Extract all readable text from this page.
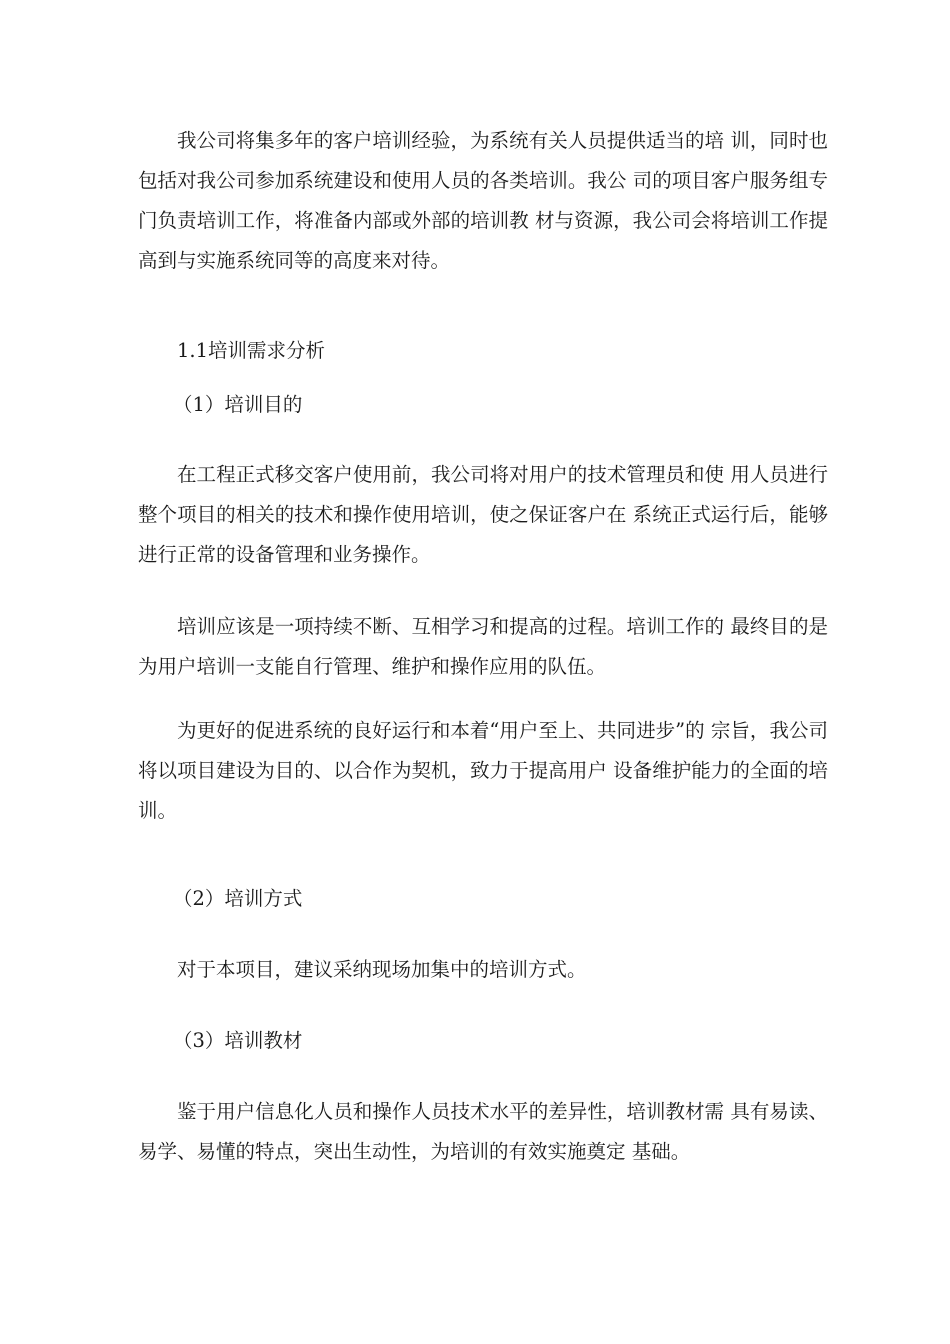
我公司将集多年的客户培训经验，为系统有关人员提供适当的培 训，同时也包括对我公司参加系统建设和使用人员的各类培训。我公 司的项目客户服务组专门负责培训工作，将准备内部或外部的培训教 材与资源，我公司会将培训工作提高到与实施系统同等的高度来对待。

1.1培训需求分析

（1）培训目的

在工程正式移交客户使用前，我公司将对用户的技术管理员和使 用人员进行整个项目的相关的技术和操作使用培训，使之保证客户在 系统正式运行后，能够进行正常的设备管理和业务操作。

培训应该是一项持续不断、互相学习和提高的过程。培训工作的 最终目的是为用户培训一支能自行管理、维护和操作应用的队伍。

为更好的促进系统的良好运行和本着“用户至上、共同进步”的 宗旨，我公司将以项目建设为目的、以合作为契机，致力于提高用户 设备维护能力的全面的培训。

（2）培训方式

对于本项目，建议采纳现场加集中的培训方式。

（3）培训教材

鉴于用户信息化人员和操作人员技术水平的差异性，培训教材需 具有易读、易学、易懂的特点，突出生动性，为培训的有效实施奠定 基础。
